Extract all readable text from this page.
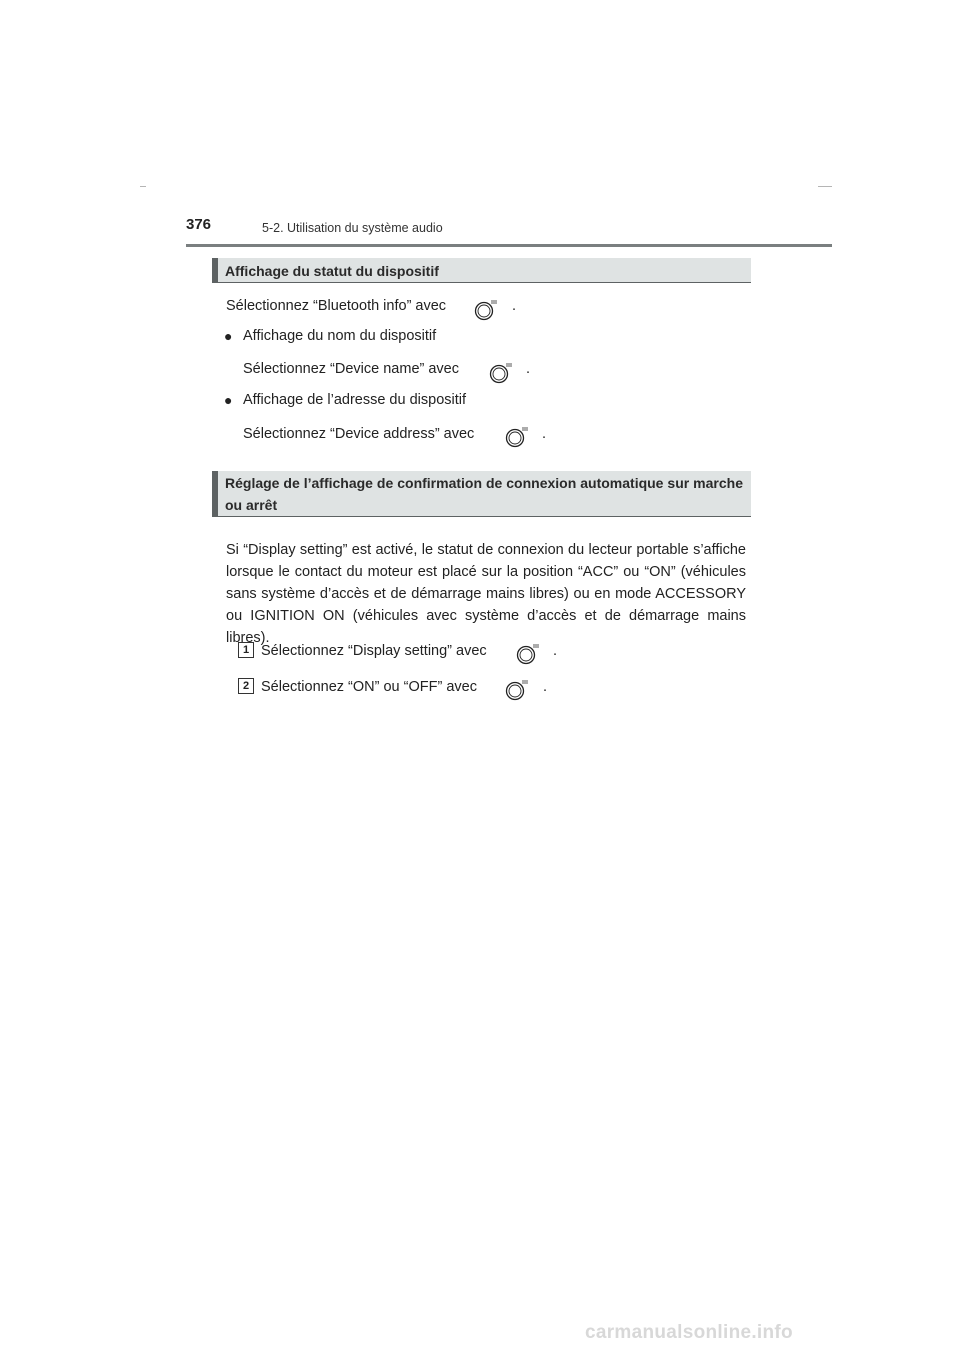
376	5-2. Utilisation du système audio
Affichage du statut du dispositif
Sélectionnez “Bluetooth info” avec	.
● Affichage du nom du dispositif
Sélectionnez “Device name” avec	.
● Affichage de l’adresse du dispositif
Sélectionnez “Device address” avec	.
Réglage de l’affichage de confirmation de connexion automatique sur marche ou arrêt
Si “Display setting” est activé, le statut de connexion du lecteur portable s’affiche lorsque le contact du moteur est placé sur la position “ACC” ou “ON” (véhicules sans système d’accès et de démarrage mains libres) ou en mode ACCESSORY ou IGNITION ON (véhicules avec système d’accès et de démarrage mains libres).
1 Sélectionnez “Display setting” avec	.
2 Sélectionnez “ON” ou “OFF” avec	.
carmanualsonline.info
